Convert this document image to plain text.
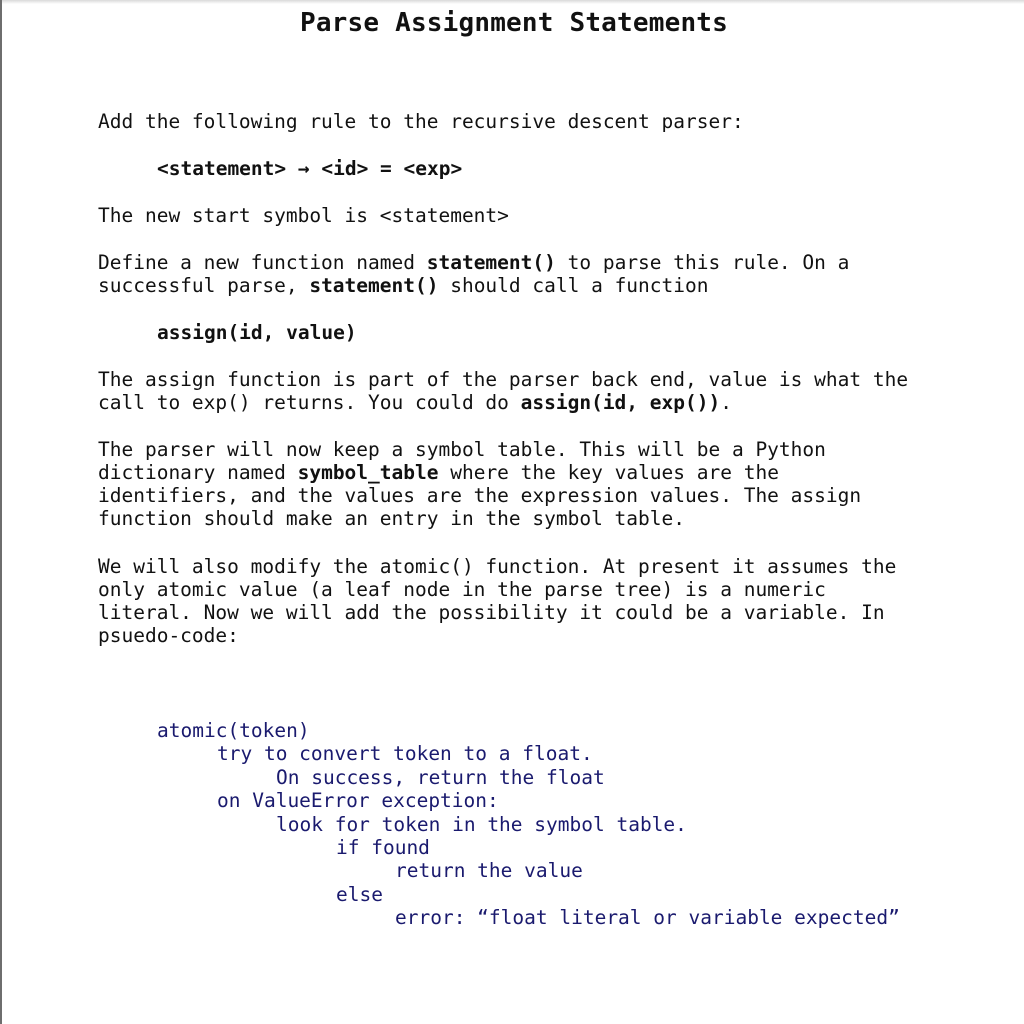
Parse Assignment Statements
Add the following rule to the recursive descent parser:
<statement> → <id> = <exp>
The new start symbol is <statement>
Define a new function named statement() to parse this rule. On a
successful parse, statement() should call a function
assign(id, value)
The assign function is part of the parser back end, value is what the
call to exp() returns. You could do assign(id, exp()).
The parser will now keep a symbol table. This will be a Python
dictionary named symbol_table where the key values are the
identifiers, and the values are the expression values. The assign
function should make an entry in the symbol table.
We will also modify the atomic() function. At present it assumes the
only atomic value (a leaf node in the parse tree) is a numeric
literal. Now we will add the possibility it could be a variable. In
psuedo-code:
atomic(token)
try to convert token to a float.
On success, return the float
on ValueError exception:
look for token in the symbol table.
if found
return the value
else
error: “float literal or variable expected”
